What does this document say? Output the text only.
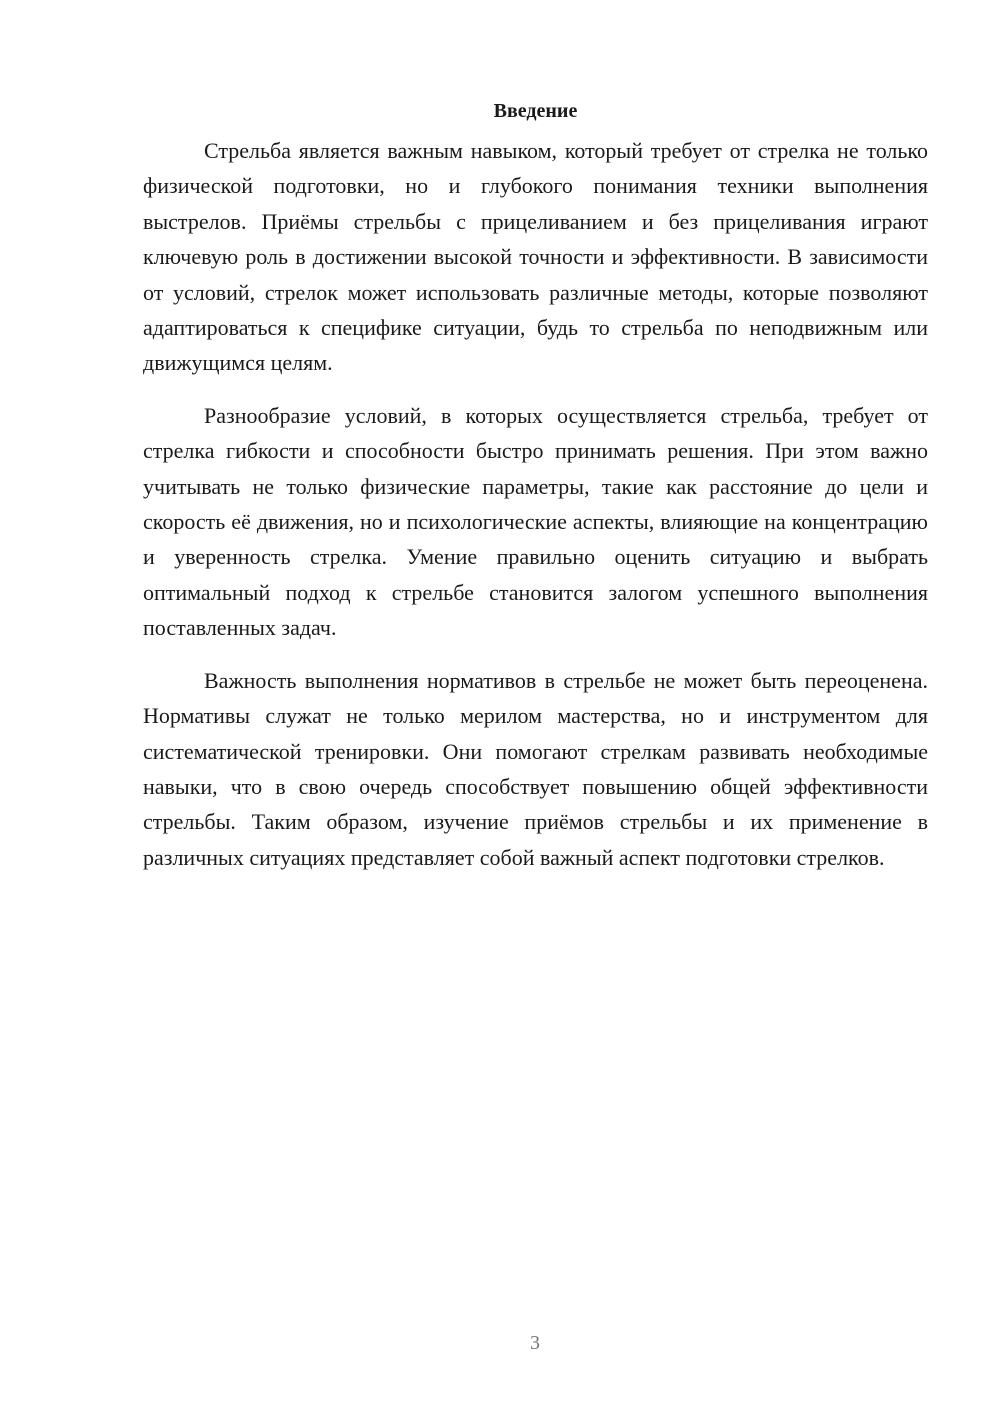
Введение

Стрельба является важным навыком, который требует от стрелка не только физической подготовки, но и глубокого понимания техники выполнения выстрелов. Приёмы стрельбы с прицеливанием и без прицеливания играют ключевую роль в достижении высокой точности и эффективности. В зависимости от условий, стрелок может использовать различные методы, которые позволяют адаптироваться к специфике ситуации, будь то стрельба по неподвижным или движущимся целям.

Разнообразие условий, в которых осуществляется стрельба, требует от стрелка гибкости и способности быстро принимать решения. При этом важно учитывать не только физические параметры, такие как расстояние до цели и скорость её движения, но и психологические аспекты, влияющие на концентрацию и уверенность стрелка. Умение правильно оценить ситуацию и выбрать оптимальный подход к стрельбе становится залогом успешного выполнения поставленных задач.

Важность выполнения нормативов в стрельбе не может быть переоценена. Нормативы служат не только мерилом мастерства, но и инструментом для систематической тренировки. Они помогают стрелкам развивать необходимые навыки, что в свою очередь способствует повышению общей эффективности стрельбы. Таким образом, изучение приёмов стрельбы и их применение в различных ситуациях представляет собой важный аспект подготовки стрелков.

3
